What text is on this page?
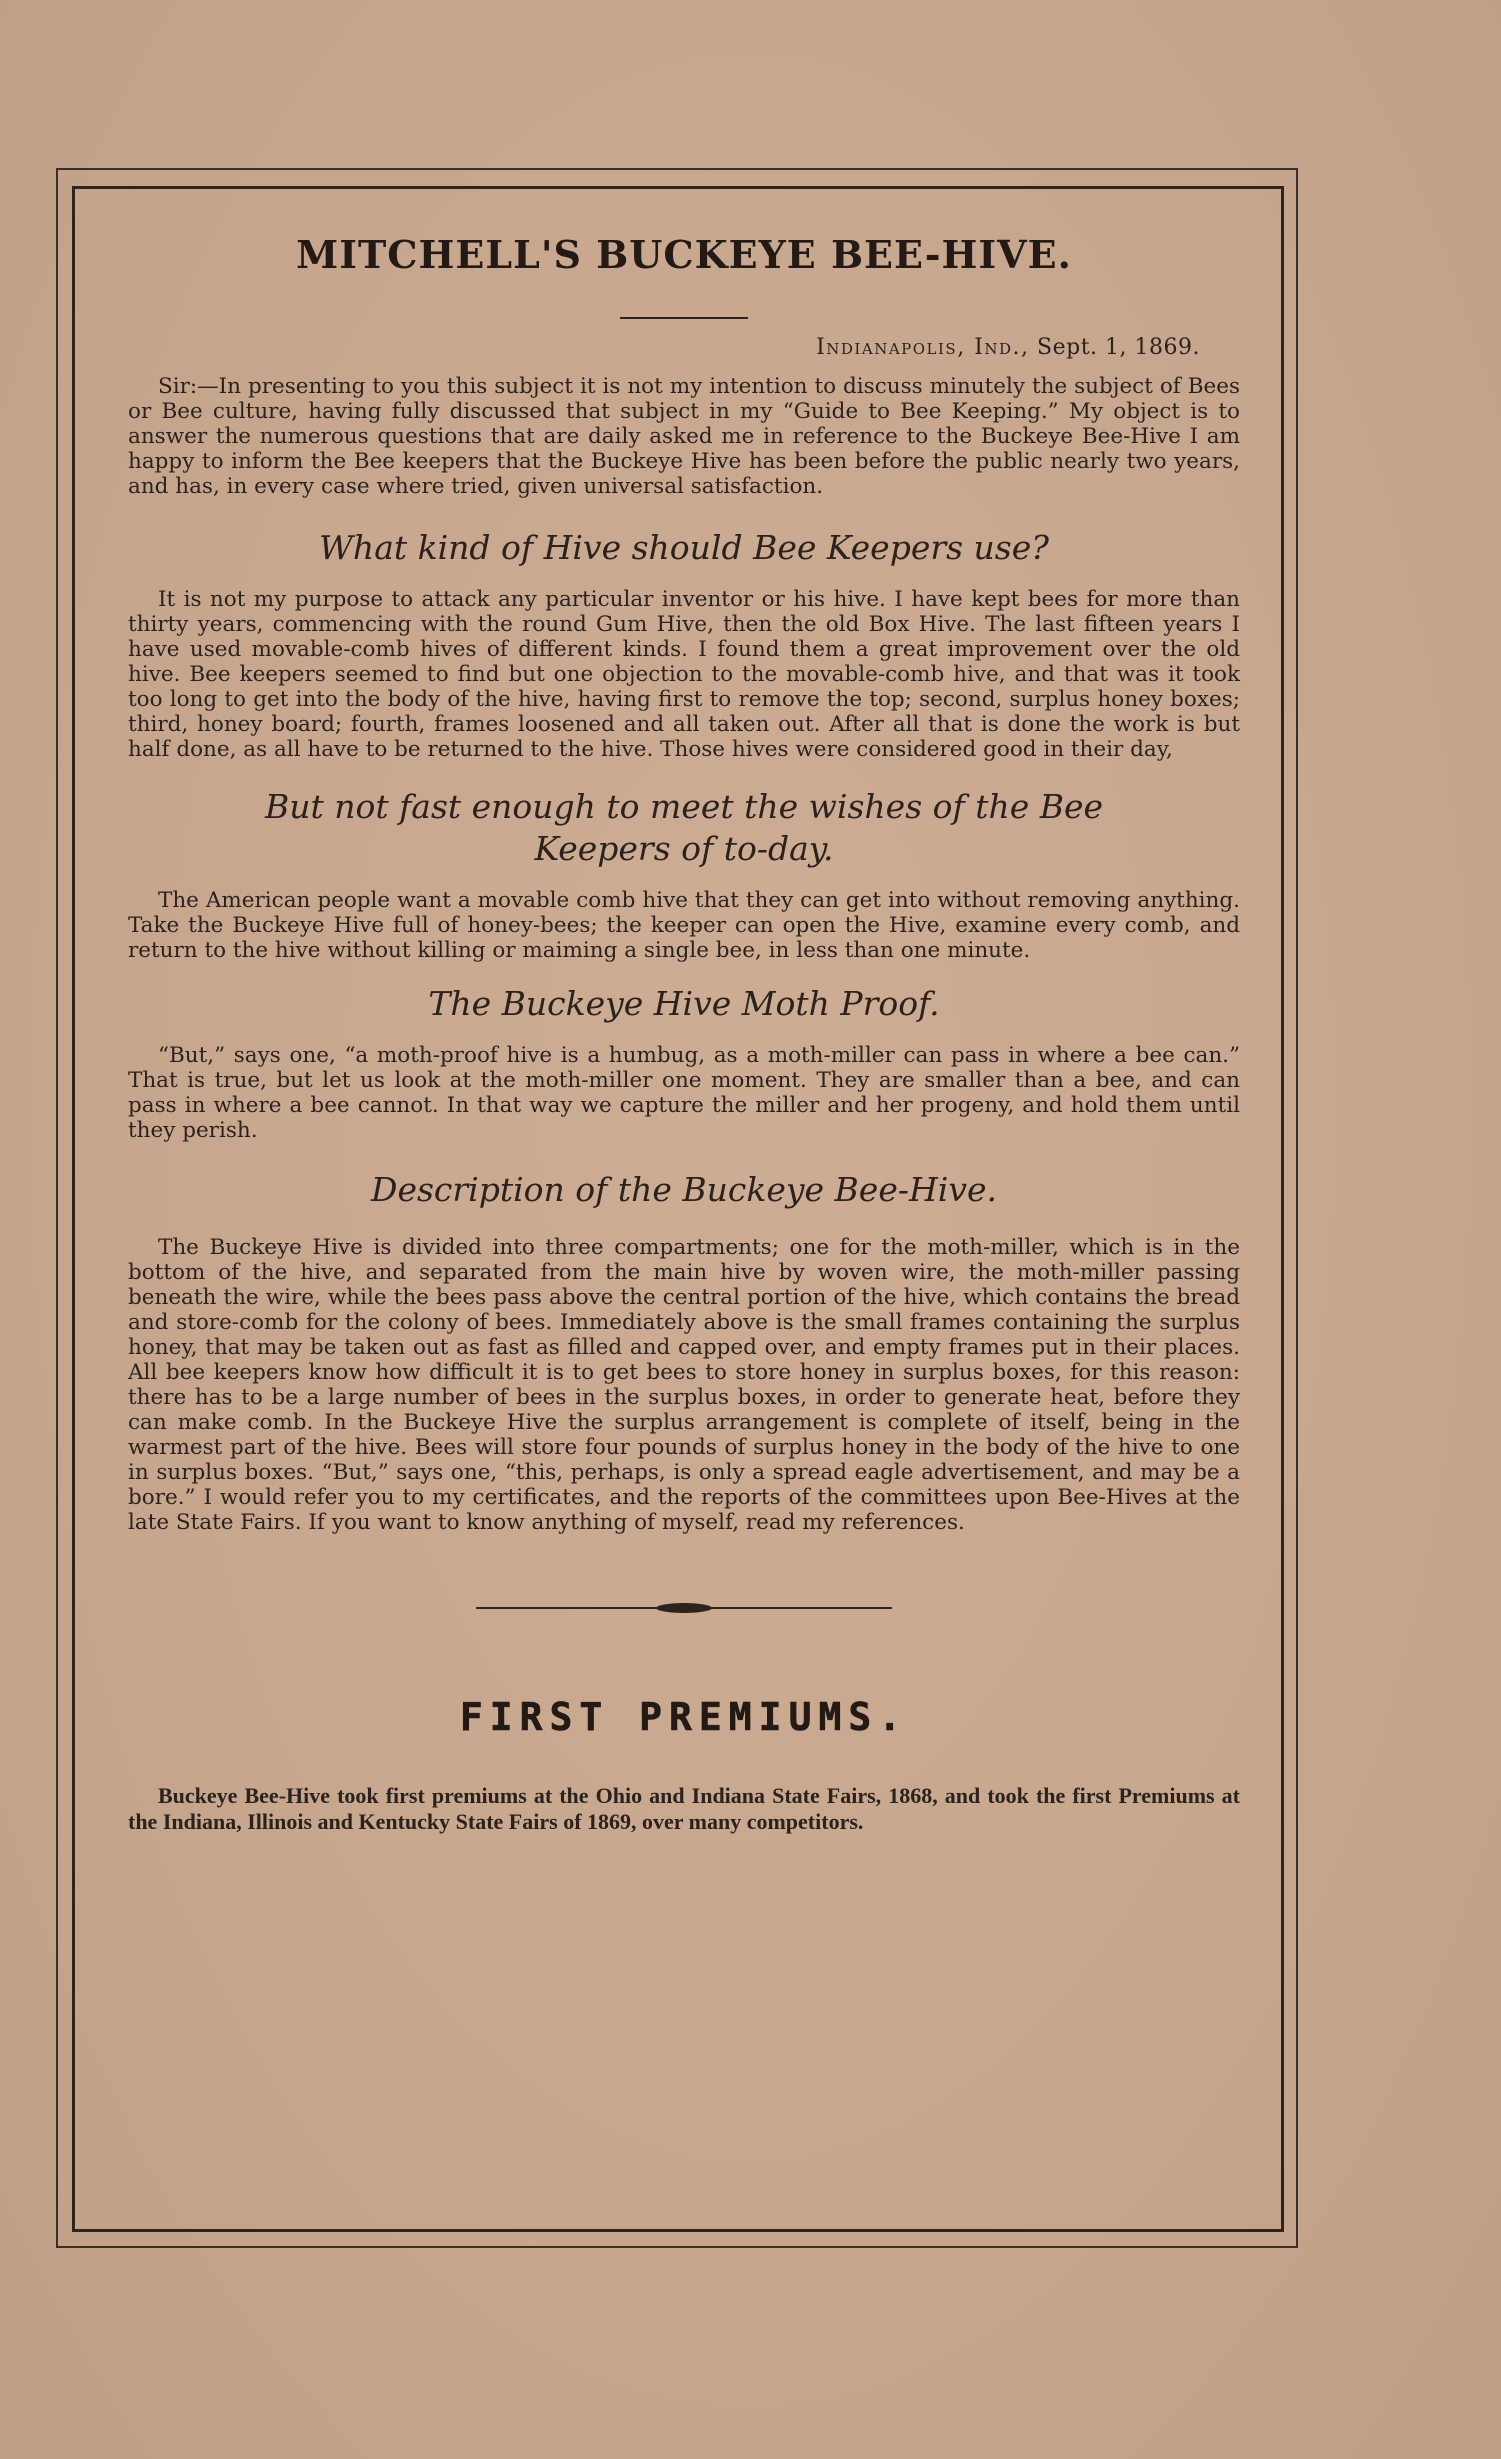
MITCHELL'S BUCKEYE BEE-HIVE.
Indianapolis, Ind., Sept. 1, 1869.

Sir:—In presenting to you this subject it is not my intention to discuss minutely the subject of Bees or Bee culture, having fully discussed that subject in my “Guide to Bee Keeping.” My object is to answer the numerous questions that are daily asked me in reference to the Buckeye Bee-Hive I am happy to inform the Bee keepers that the Buckeye Hive has been before the public nearly two years, and has, in every case where tried, given universal satisfaction.

What kind of Hive should Bee Keepers use?

It is not my purpose to attack any particular inventor or his hive. I have kept bees for more than thirty years, commencing with the round Gum Hive, then the old Box Hive. The last fifteen years I have used movable-comb hives of different kinds. I found them a great improvement over the old hive. Bee keepers seemed to find but one objection to the movable-comb hive, and that was it took too long to get into the body of the hive, having first to remove the top; second, surplus honey boxes; third, honey board; fourth, frames loosened and all taken out. After all that is done the work is but half done, as all have to be returned to the hive. Those hives were considered good in their day,

But not fast enough to meet the wishes of the Bee Keepers of to-day.

The American people want a movable comb hive that they can get into without removing anything. Take the Buckeye Hive full of honey-bees; the keeper can open the Hive, examine every comb, and return to the hive without killing or maiming a single bee, in less than one minute.

The Buckeye Hive Moth Proof.

“But,” says one, “a moth-proof hive is a humbug, as a moth-miller can pass in where a bee can.” That is true, but let us look at the moth-miller one moment. They are smaller than a bee, and can pass in where a bee cannot. In that way we capture the miller and her progeny, and hold them until they perish.

Description of the Buckeye Bee-Hive.

The Buckeye Hive is divided into three compartments; one for the moth-miller, which is in the bottom of the hive, and separated from the main hive by woven wire, the moth-miller passing beneath the wire, while the bees pass above the central portion of the hive, which contains the bread and store-comb for the colony of bees. Immediately above is the small frames containing the surplus honey, that may be taken out as fast as filled and capped over, and empty frames put in their places. All bee keepers know how difficult it is to get bees to store honey in surplus boxes, for this reason: there has to be a large number of bees in the surplus boxes, in order to generate heat, before they can make comb. In the Buckeye Hive the surplus arrangement is complete of itself, being in the warmest part of the hive. Bees will store four pounds of surplus honey in the body of the hive to one in surplus boxes. “But,” says one, “this, perhaps, is only a spread eagle advertisement, and may be a bore.” I would refer you to my certificates, and the reports of the committees upon Bee-Hives at the late State Fairs. If you want to know anything of myself, read my references.

FIRST PREMIUMS.

Buckeye Bee-Hive took first premiums at the Ohio and Indiana State Fairs, 1868, and took the first Premiums at the Indiana, Illinois and Kentucky State Fairs of 1869, over many competitors.
